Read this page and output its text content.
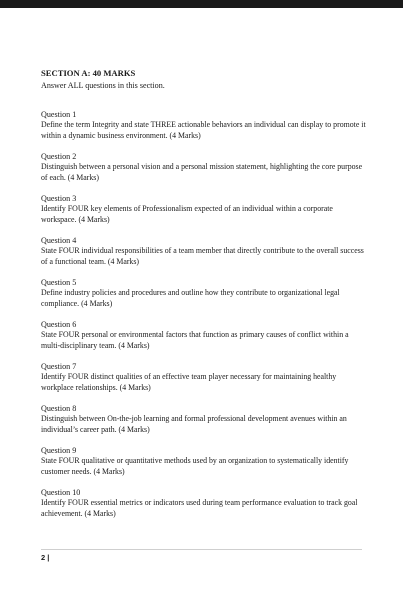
SECTION A: 40 MARKS

Answer ALL questions in this section.

Question 1

Define the term Integrity and state THREE actionable behaviors an individual can display to promote it within a dynamic business environment. (4 Marks)

Question 2

Distinguish between a personal vision and a personal mission statement, highlighting the core purpose of each. (4 Marks)

Question 3

Identify FOUR key elements of Professionalism expected of an individual within a corporate workspace. (4 Marks)

Question 4

State FOUR individual responsibilities of a team member that directly contribute to the overall success of a functional team. (4 Marks)

Question 5

Define industry policies and procedures and outline how they contribute to organizational legal compliance. (4 Marks)

Question 6

State FOUR personal or environmental factors that function as primary causes of conflict within a multi-disciplinary team. (4 Marks)

Question 7

Identify FOUR distinct qualities of an effective team player necessary for maintaining healthy workplace relationships. (4 Marks)

Question 8

Distinguish between On-the-job learning and formal professional development avenues within an individual’s career path. (4 Marks)

Question 9

State FOUR qualitative or quantitative methods used by an organization to systematically identify customer needs. (4 Marks)

Question 10

Identify FOUR essential metrics or indicators used during team performance evaluation to track goal achievement. (4 Marks)

2 |
